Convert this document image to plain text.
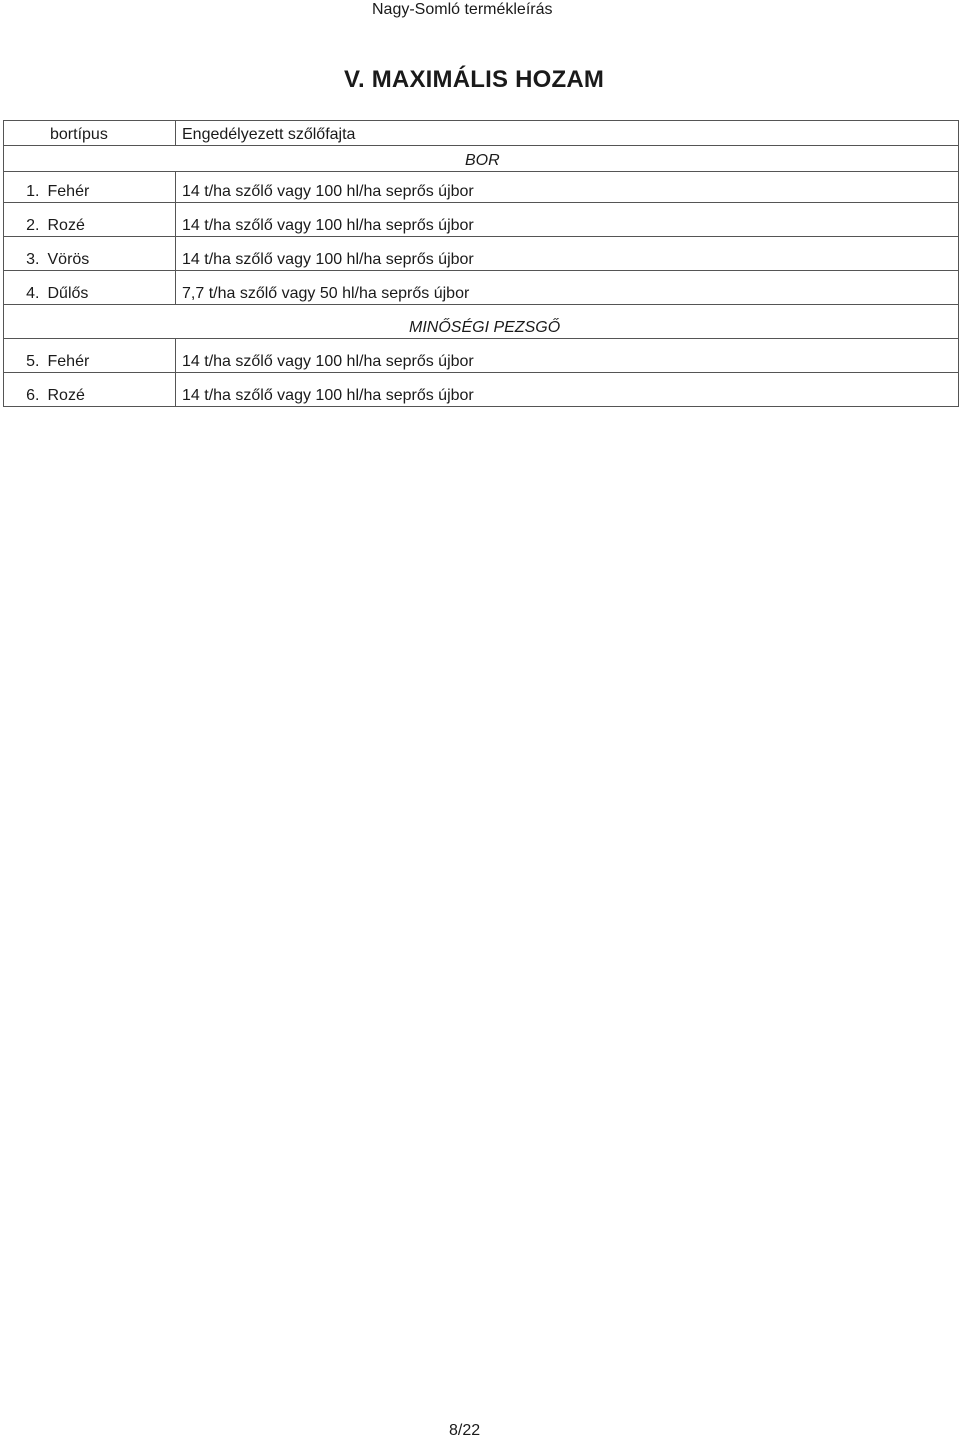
Nagy-Somló termékleírás
V. MAXIMÁLIS HOZAM
bortípus		Engedélyezett szőlőfajta
BOR		
1.	Fehér	14 t/ha szőlő vagy 100 hl/ha seprős újbor
2.	Rozé	14 t/ha szőlő vagy 100 hl/ha seprős újbor
3.	Vörös	14 t/ha szőlő vagy 100 hl/ha seprős újbor
4.	Dűlős	7,7 t/ha szőlő vagy 50 hl/ha seprős újbor
MINŐSÉGI PEZSGŐ		
5.	Fehér	14 t/ha szőlő vagy 100 hl/ha seprős újbor
6.	Rozé	14 t/ha szőlő vagy 100 hl/ha seprős újbor
8/22
